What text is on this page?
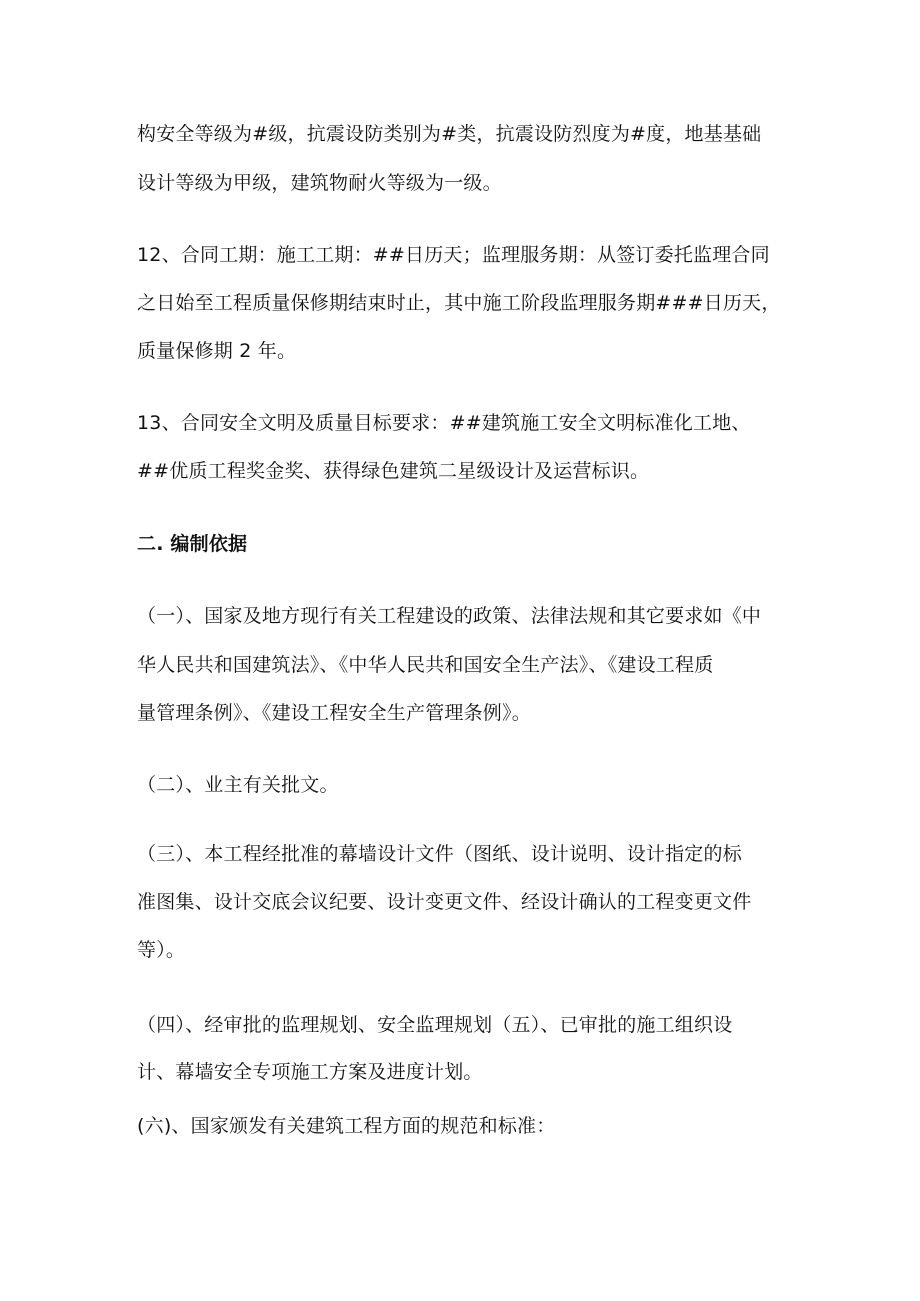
构安全等级为#级，抗震设防类别为#类，抗震设防烈度为#度，地基基础
设计等级为甲级，建筑物耐火等级为一级。
12、合同工期：施工工期：##日历天；监理服务期：从签订委托监理合同
之日始至工程质量保修期结束时止，其中施工阶段监理服务期###日历天，
质量保修期 2 年。
13、合同安全文明及质量目标要求：##建筑施工安全文明标准化工地、
##优质工程奖金奖、获得绿色建筑二星级设计及运营标识。
二. 编制依据
（一）、国家及地方现行有关工程建设的政策、法律法规和其它要求如《中
华人民共和国建筑法》、《中华人民共和国安全生产法》、《建设工程质
量管理条例》、《建设工程安全生产管理条例》。
（二）、业主有关批文。
（三）、本工程经批准的幕墙设计文件（图纸、设计说明、设计指定的标
准图集、设计交底会议纪要、设计变更文件、经设计确认的工程变更文件
等）。
（四）、经审批的监理规划、安全监理规划（五）、已审批的施工组织设
计、幕墙安全专项施工方案及进度计划。
(六)、国家颁发有关建筑工程方面的规范和标准：
